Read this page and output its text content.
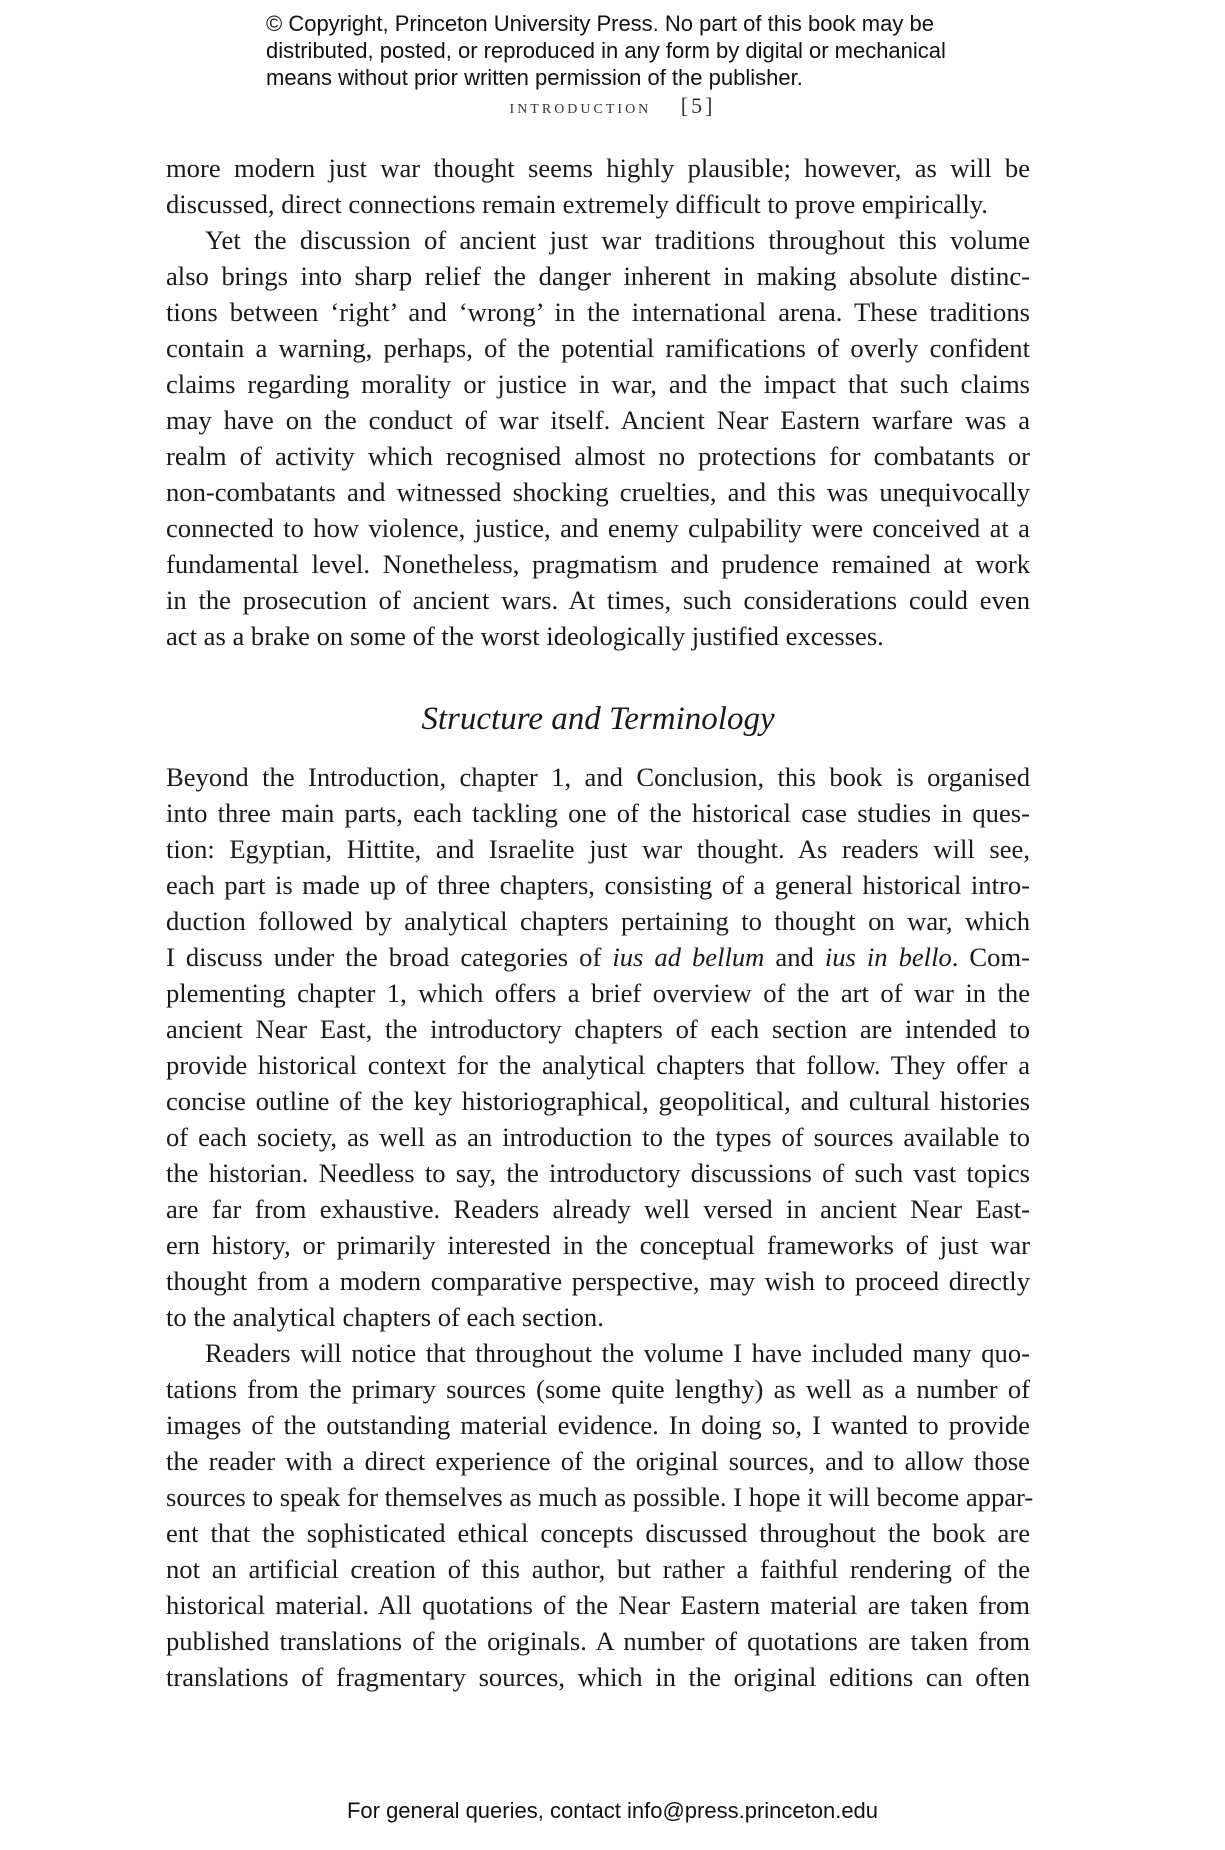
© Copyright, Princeton University Press. No part of this book may be
distributed, posted, or reproduced in any form by digital or mechanical
means without prior written permission of the publisher.
introduction [5]
more modern just war thought seems highly plausible; however, as will be
discussed, direct connections remain extremely difficult to prove empirically.
Yet the discussion of ancient just war traditions throughout this volume
also brings into sharp relief the danger inherent in making absolute distinc-
tions between ‘right’ and ‘wrong’ in the international arena. These traditions
contain a warning, perhaps, of the potential ramifications of overly confident
claims regarding morality or justice in war, and the impact that such claims
may have on the conduct of war itself. Ancient Near Eastern warfare was a
realm of activity which recognised almost no protections for combatants or
non-combatants and witnessed shocking cruelties, and this was unequivocally
connected to how violence, justice, and enemy culpability were conceived at a
fundamental level. Nonetheless, pragmatism and prudence remained at work
in the prosecution of ancient wars. At times, such considerations could even
act as a brake on some of the worst ideologically justified excesses.
Structure and Terminology
Beyond the Introduction, chapter 1, and Conclusion, this book is organised
into three main parts, each tackling one of the historical case studies in ques-
tion: Egyptian, Hittite, and Israelite just war thought. As readers will see,
each part is made up of three chapters, consisting of a general historical intro-
duction followed by analytical chapters pertaining to thought on war, which
I discuss under the broad categories of ius ad bellum and ius in bello. Com-
plementing chapter 1, which offers a brief overview of the art of war in the
ancient Near East, the introductory chapters of each section are intended to
provide historical context for the analytical chapters that follow. They offer a
concise outline of the key historiographical, geopolitical, and cultural histories
of each society, as well as an introduction to the types of sources available to
the historian. Needless to say, the introductory discussions of such vast topics
are far from exhaustive. Readers already well versed in ancient Near East-
ern history, or primarily interested in the conceptual frameworks of just war
thought from a modern comparative perspective, may wish to proceed directly
to the analytical chapters of each section.
Readers will notice that throughout the volume I have included many quo-
tations from the primary sources (some quite lengthy) as well as a number of
images of the outstanding material evidence. In doing so, I wanted to provide
the reader with a direct experience of the original sources, and to allow those
sources to speak for themselves as much as possible. I hope it will become appar-
ent that the sophisticated ethical concepts discussed throughout the book are
not an artificial creation of this author, but rather a faithful rendering of the
historical material. All quotations of the Near Eastern material are taken from
published translations of the originals. A number of quotations are taken from
translations of fragmentary sources, which in the original editions can often
For general queries, contact info@press.princeton.edu
